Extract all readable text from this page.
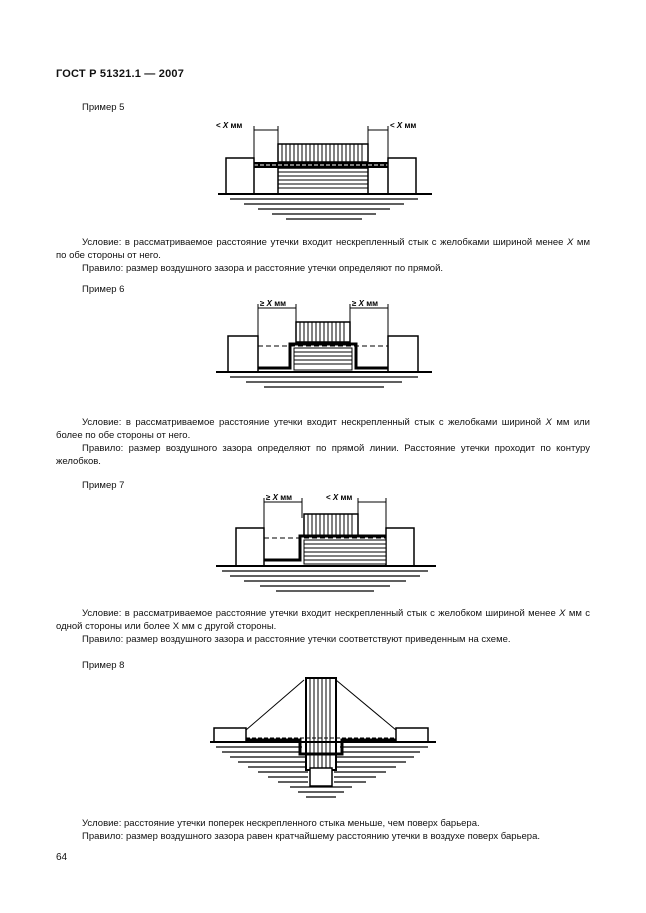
ГОСТ Р 51321.1 — 2007
Пример 5
< X мм	< X мм

Условие: в рассматриваемое расстояние утечки входит нескрепленный стык с желобками шириной менее X мм по обе стороны от него.

Правило: размер воздушного зазора и расстояние утечки определяют по прямой.

Пример 6
≥ X мм	≥ X мм

Условие: в рассматриваемое расстояние утечки входит нескрепленный стык с желобками шириной X мм или более по обе стороны от него.

Правило: размер воздушного зазора определяют по прямой линии. Расстояние утечки проходит по контуру желобков.

Пример 7
≥ X мм	< X мм

Условие: в рассматриваемое расстояние утечки входит нескрепленный стык с желобком шириной менее X мм с одной стороны или более X мм с другой стороны.

Правило: размер воздушного зазора и расстояние утечки соответствуют приведенным на схеме.

Пример 8

Условие: расстояние утечки поперек нескрепленного стыка меньше, чем поверх барьера.

Правило: размер воздушного зазора равен кратчайшему расстоянию утечки в воздухе поверх барьера.

64
